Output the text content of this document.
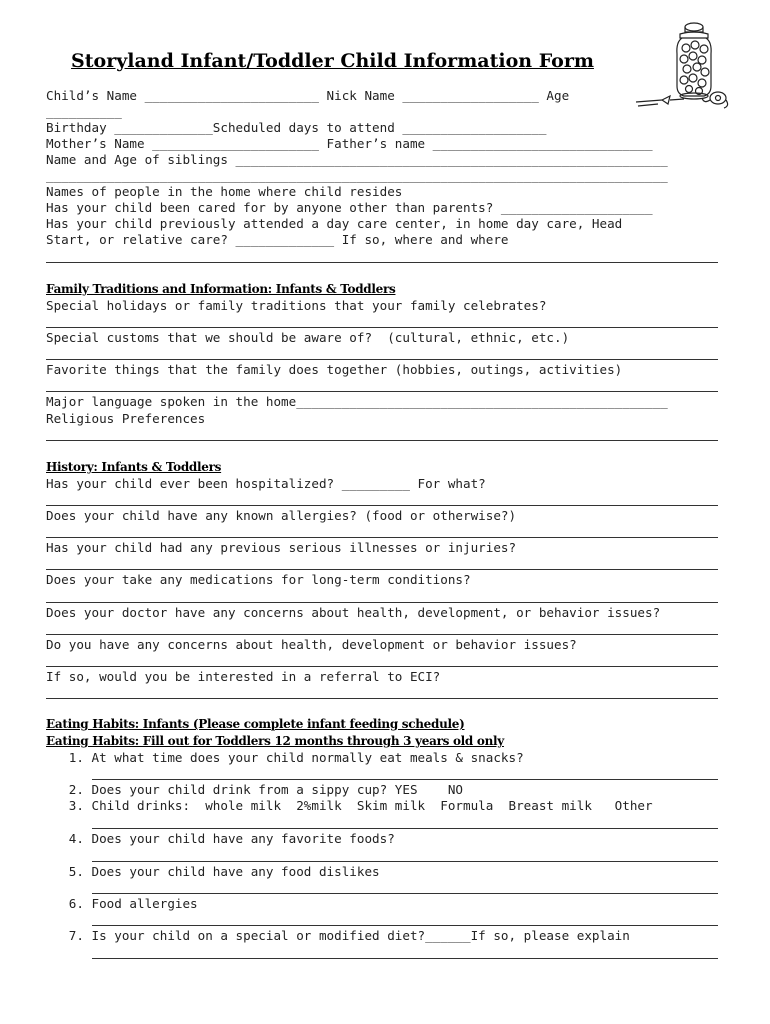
Storyland Infant/Toddler Child Information Form
Child’s Name _______________________ Nick Name __________________ Age
__________
Birthday _____________Scheduled days to attend ___________________
Mother’s Name ______________________ Father’s name _____________________________
Name and Age of siblings _________________________________________________________
__________________________________________________________________________________
Names of people in the home where child resides
Has your child been cared for by anyone other than parents? ____________________
Has your child previously attended a day care center, in home day care, Head
Start, or relative care? _____________ If so, where and where
Family Traditions and Information: Infants & Toddlers
Special holidays or family traditions that your family celebrates?
Special customs that we should be aware of?  (cultural, ethnic, etc.)
Favorite things that the family does together (hobbies, outings, activities)
Major language spoken in the home_________________________________________________
Religious Preferences
History: Infants & Toddlers
Has your child ever been hospitalized? _________ For what?
Does your child have any known allergies? (food or otherwise?)
Has your child had any previous serious illnesses or injuries?
Does your take any medications for long-term conditions?
Does your doctor have any concerns about health, development, or behavior issues?
Do you have any concerns about health, development or behavior issues?
If so, would you be interested in a referral to ECI?
Eating Habits: Infants (Please complete infant feeding schedule)
Eating Habits: Fill out for Toddlers 12 months through 3 years old only
1. At what time does your child normally eat meals & snacks?
2. Does your child drink from a sippy cup? YES    NO
3. Child drinks:  whole milk  2%milk  Skim milk  Formula  Breast milk   Other
4. Does your child have any favorite foods?
5. Does your child have any food dislikes
6. Food allergies
7. Is your child on a special or modified diet?______If so, please explain
